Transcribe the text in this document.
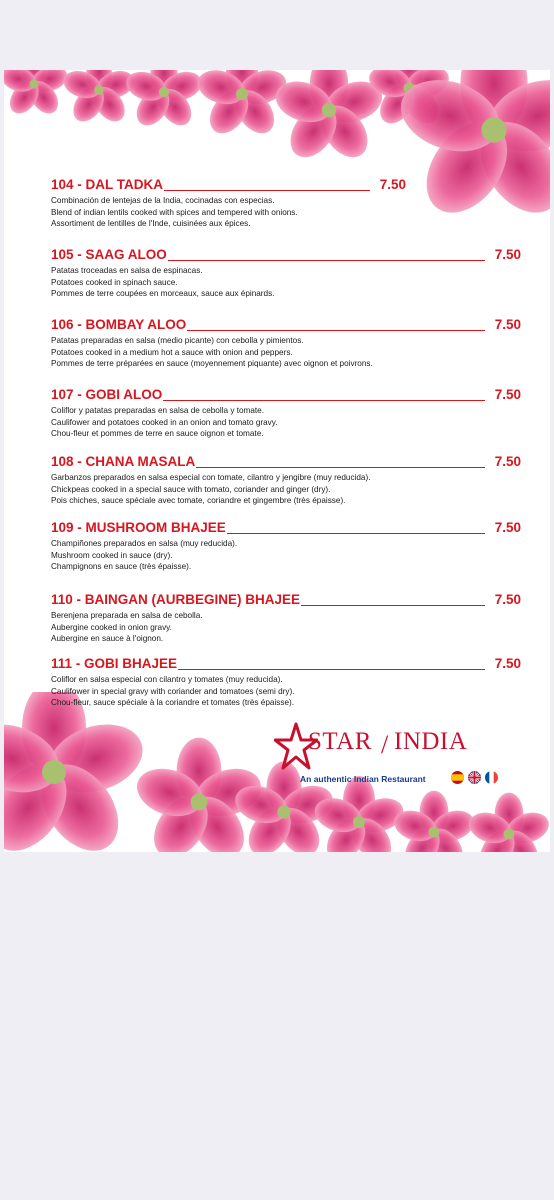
104 - DAL TADKA	7.50
Combinación de lentejas de la India, cocinadas con especias.
Blend of indian lentils cooked with spices and tempered with onions.
Assortiment de lentilles de l'Inde, cuisinées aux épices.
105 - SAAG ALOO	7.50
Patatas troceadas en salsa de espinacas.
Potatoes cooked in spinach sauce.
Pommes de terre coupées en morceaux, sauce aux épinards.
106 - BOMBAY ALOO	7.50
Patatas preparadas en salsa (medio picante) con cebolla y pimientos.
Potatoes cooked in a medium hot a sauce with onion and peppers.
Pommes de terre préparées en sauce (moyennement piquante) avec oignon et poivrons.
107 - GOBI ALOO	7.50
Coliflor y patatas preparadas en salsa de cebolla y tomate.
Caulifower and potatoes cooked in an onion and tomato gravy.
Chou-fleur et pommes de terre en sauce oignon et tomate.
108 - CHANA MASALA	7.50
Garbanzos preparados en salsa especial con tomate, cilantro y jengibre (muy reducida).
Chickpeas cooked in a special sauce with tomato, coriander and ginger (dry).
Pois chiches, sauce spéciale avec tomate, coriandre et gingembre (très épaisse).
109 - MUSHROOM BHAJEE	7.50
Champiñones preparados en salsa (muy reducida).
Mushroom cooked in sauce (dry).
Champignons en sauce (très épaisse).
110 - BAINGAN (AURBEGINE) BHAJEE	7.50
Berenjena preparada en salsa de cebolla.
Aubergine cooked in onion gravy.
Aubergine en sauce à l'oignon.
111 - GOBI BHAJEE	7.50
Coliflor en salsa especial con cilantro y tomates (muy reducida).
Caulifower in special gravy with coriander and tomatoes (semi dry).
Chou-fleur, sauce spéciale à la coriandre et tomates (très épaisse).
STAR / INDIA
An authentic Indian Restaurant
